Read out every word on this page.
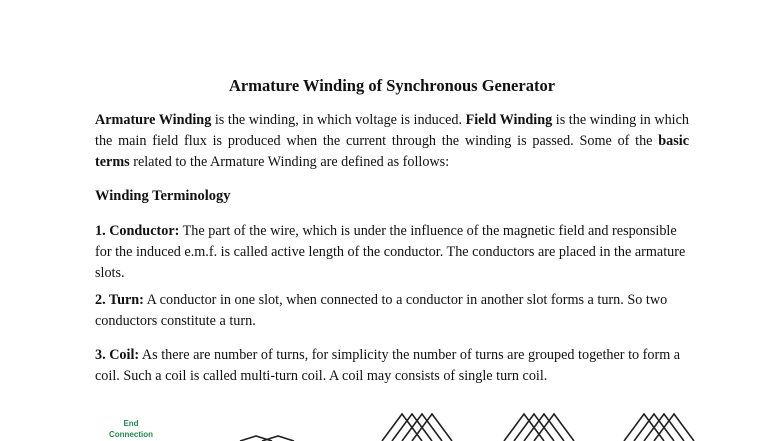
Armature Winding of Synchronous Generator
Armature Winding is the winding, in which voltage is induced. Field Winding is the winding in which the main field flux is produced when the current through the winding is passed. Some of the basic terms related to the Armature Winding are defined as follows:
Winding Terminology
1. Conductor: The part of the wire, which is under the influence of the magnetic field and responsible for the induced e.m.f. is called active length of the conductor. The conductors are placed in the armature slots.
2. Turn: A conductor in one slot, when connected to a conductor in another slot forms a turn. So two conductors constitute a turn.
3. Coil: As there are number of turns, for simplicity the number of turns are grouped together to form a coil. Such a coil is called multi-turn coil. A coil may consists of single turn coil.
End
Connection
